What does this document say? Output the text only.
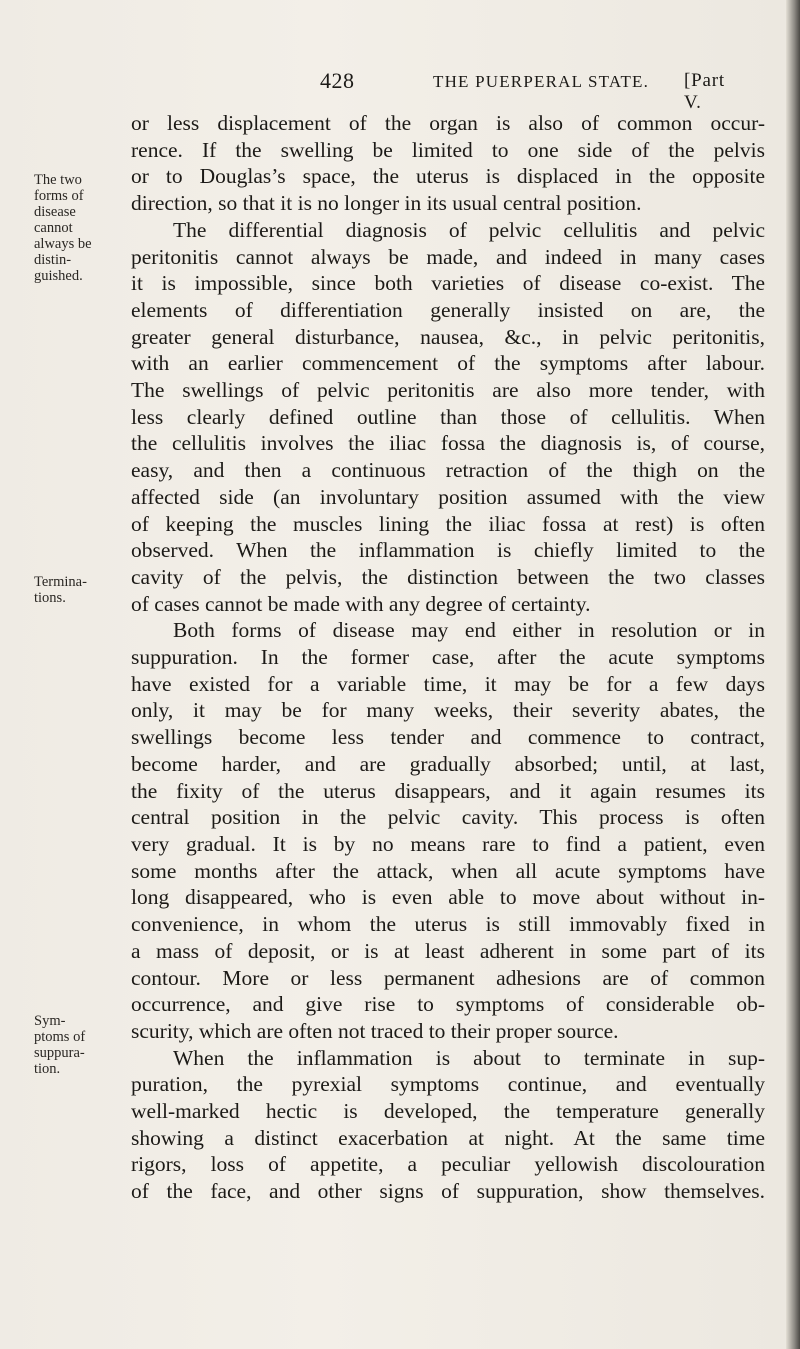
428	THE PUERPERAL STATE. [Part V.
The two
forms of
disease
cannot
always be
distin-
guished.
Termina-
tions.
Sym-
ptoms of
suppura-
tion.

or less displacement of the organ is also of common occur-
rence. If the swelling be limited to one side of the pelvis
or to Douglas’s space, the uterus is displaced in the opposite
direction, so that it is no longer in its usual central position.

The differential diagnosis of pelvic cellulitis and pelvic
peritonitis cannot always be made, and indeed in many cases
it is impossible, since both varieties of disease co-exist. The
elements of differentiation generally insisted on are, the
greater general disturbance, nausea, &c., in pelvic peritonitis,
with an earlier commencement of the symptoms after labour.
The swellings of pelvic peritonitis are also more tender, with
less clearly defined outline than those of cellulitis. When
the cellulitis involves the iliac fossa the diagnosis is, of course,
easy, and then a continuous retraction of the thigh on the
affected side (an involuntary position assumed with the view
of keeping the muscles lining the iliac fossa at rest) is often
observed. When the inflammation is chiefly limited to the
cavity of the pelvis, the distinction between the two classes
of cases cannot be made with any degree of certainty.

Both forms of disease may end either in resolution or in
suppuration. In the former case, after the acute symptoms
have existed for a variable time, it may be for a few days
only, it may be for many weeks, their severity abates, the
swellings become less tender and commence to contract,
become harder, and are gradually absorbed; until, at last,
the fixity of the uterus disappears, and it again resumes its
central position in the pelvic cavity. This process is often
very gradual. It is by no means rare to find a patient, even
some months after the attack, when all acute symptoms have
long disappeared, who is even able to move about without in-
convenience, in whom the uterus is still immovably fixed in
a mass of deposit, or is at least adherent in some part of its
contour. More or less permanent adhesions are of common
occurrence, and give rise to symptoms of considerable ob-
scurity, which are often not traced to their proper source.

When the inflammation is about to terminate in sup-
puration, the pyrexial symptoms continue, and eventually
well-marked hectic is developed, the temperature generally
showing a distinct exacerbation at night. At the same time
rigors, loss of appetite, a peculiar yellowish discolouration
of the face, and other signs of suppuration, show themselves.
